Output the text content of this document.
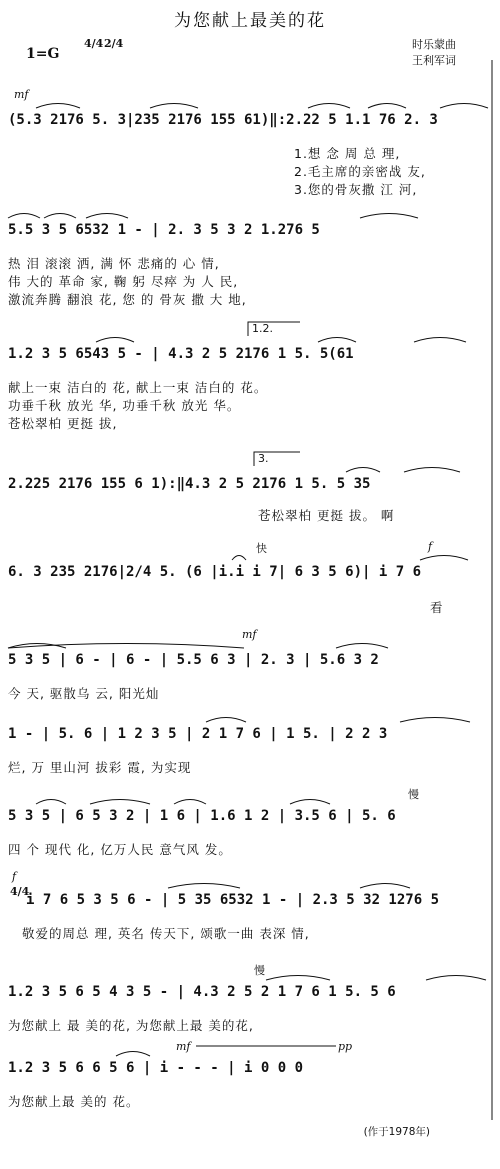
为您献上最美的花
1=G
4/4 2/4	时乐蒙曲
王利军词
mf
(5.3 2176 5. 3|235 2176 155 61)‖:2.22 5 1.1 76 2. 3
1.想 念 周 总 理,
2.毛主席的亲密战 友,
3.您的骨灰撒 江 河,
5.5 3 5 6532 1 - | 2. 3 5 3 2 1.276 5
热 泪 滚滚 洒, 满 怀 悲痛的 心 情,
伟 大的 革命 家, 鞠 躬 尽瘁 为 人 民,
激流奔腾 翻浪 花, 您 的 骨灰 撒 大 地,
1.2.
1.2 3 5 6543 5 - | 4.3 2 5 2176 1 5. 5(61
献上一束 洁白的 花, 献上一束 洁白的 花。
功垂千秋 放光 华, 功垂千秋 放光 华。
苍松翠柏 更挺 拔,
3.
2.225 2176 155 6 1):‖4.3 2 5 2176 1 5. 5 35
苍松翠柏 更挺 拔。 啊
快	f
6. 3 235 2176|2/4 5. (6 |i.i i 7| 6 3 5 6)| i 7 6
看
mf
5 3 5 | 6 - | 6 - | 5.5 6 3 | 2. 3 | 5.6 3 2
今 天, 驱散乌 云, 阳光灿
1 - | 5. 6 | 1 2 3 5 | 2 1 7 6 | 1 5. | 2 2 3
烂, 万 里山河 拔彩 霞, 为实现
慢
5 3 5 | 6 5 3 2 | 1 6 | 1.6 1 2 | 3.5 6 | 5. 6
四 个 现代 化, 亿万人民 意气风 发。
f
4/4
i 7 6 5 3 5 6 - | 5 35 6532 1 - | 2.3 5 32 1276 5
敬爱的周总 理, 英名 传天下, 颂歌一曲 表深 情,
慢
1.2 3 5 6 5 4 3 5 - | 4.3 2 5 2 1 7 6 1 5. 5 6
为您献上 最 美的花, 为您献上最 美的花,
mf	pp
1.2 3 5 6 6 5 6 | i - - - | i 0 0 0
为您献上最 美的 花。
(作于1978年)
